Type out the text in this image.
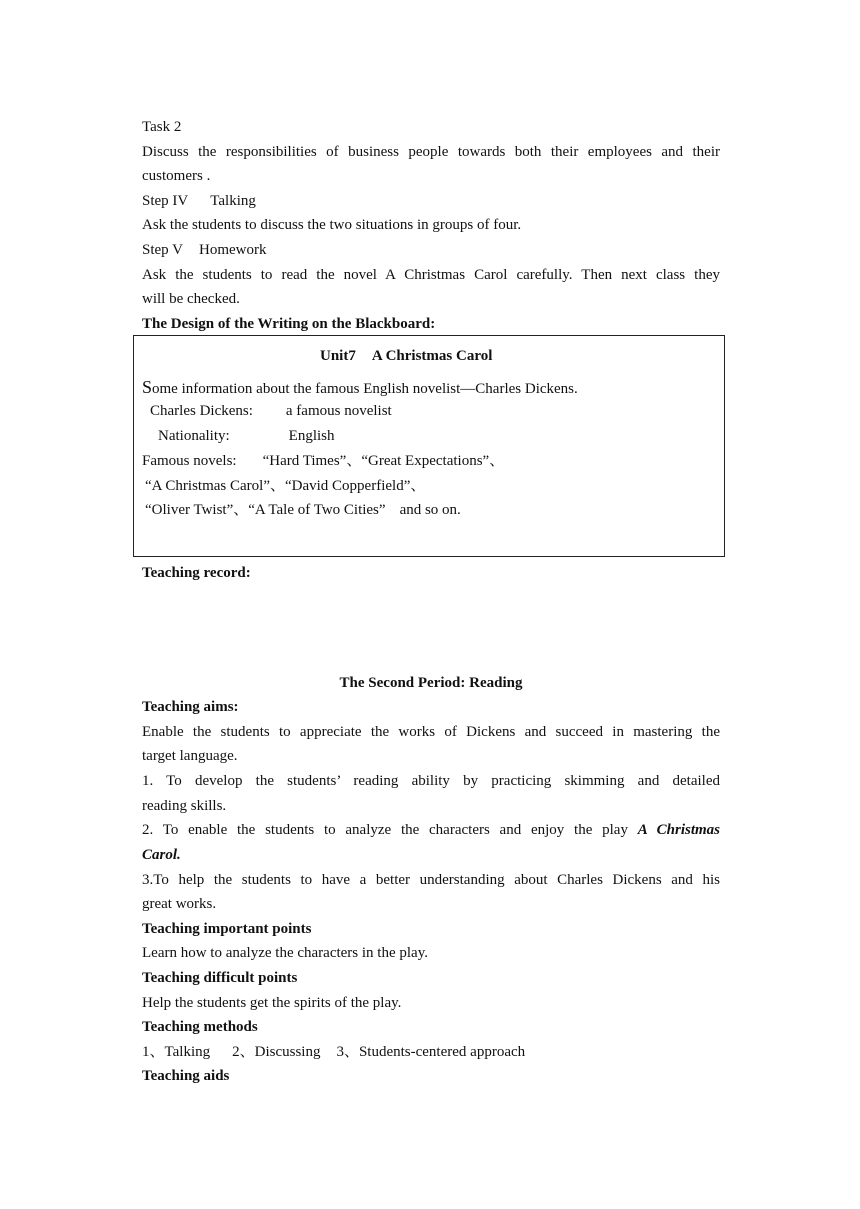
Task 2
Discuss the responsibilities of business people towards both their employees and their
customers .
Step IV Talking
Ask the students to discuss the two situations in groups of four.
Step V Homework
Ask the students to read the novel A Christmas Carol carefully. Then next class they
will be checked.
The Design of the Writing on the Blackboard:
Teaching record:
The Second Period: Reading
Teaching aims:
Enable the students to appreciate the works of Dickens and succeed in mastering the
target language.
1. To develop the students’ reading ability by practicing skimming and detailed
reading skills.
2. To enable the students to analyze the characters and enjoy the play A Christmas
Carol.
3.To help the students to have a better understanding about Charles Dickens and his
great works.
Teaching important points
Learn how to analyze the characters in the play.
Teaching difficult points
Help the students get the spirits of the play.
Teaching methods
1、Talking 2、Discussing 3、Students-centered approach
Teaching aids
Unit7 A Christmas Carol
Some information about the famous English novelist—Charles Dickens.
Charles Dickens: a famous novelist
Nationality:	English
Famous novels: “Hard Times”、“Great Expectations”、
“A Christmas Carol”、“David Copperfield”、
“Oliver Twist”、“A Tale of Two Cities” and so on.
